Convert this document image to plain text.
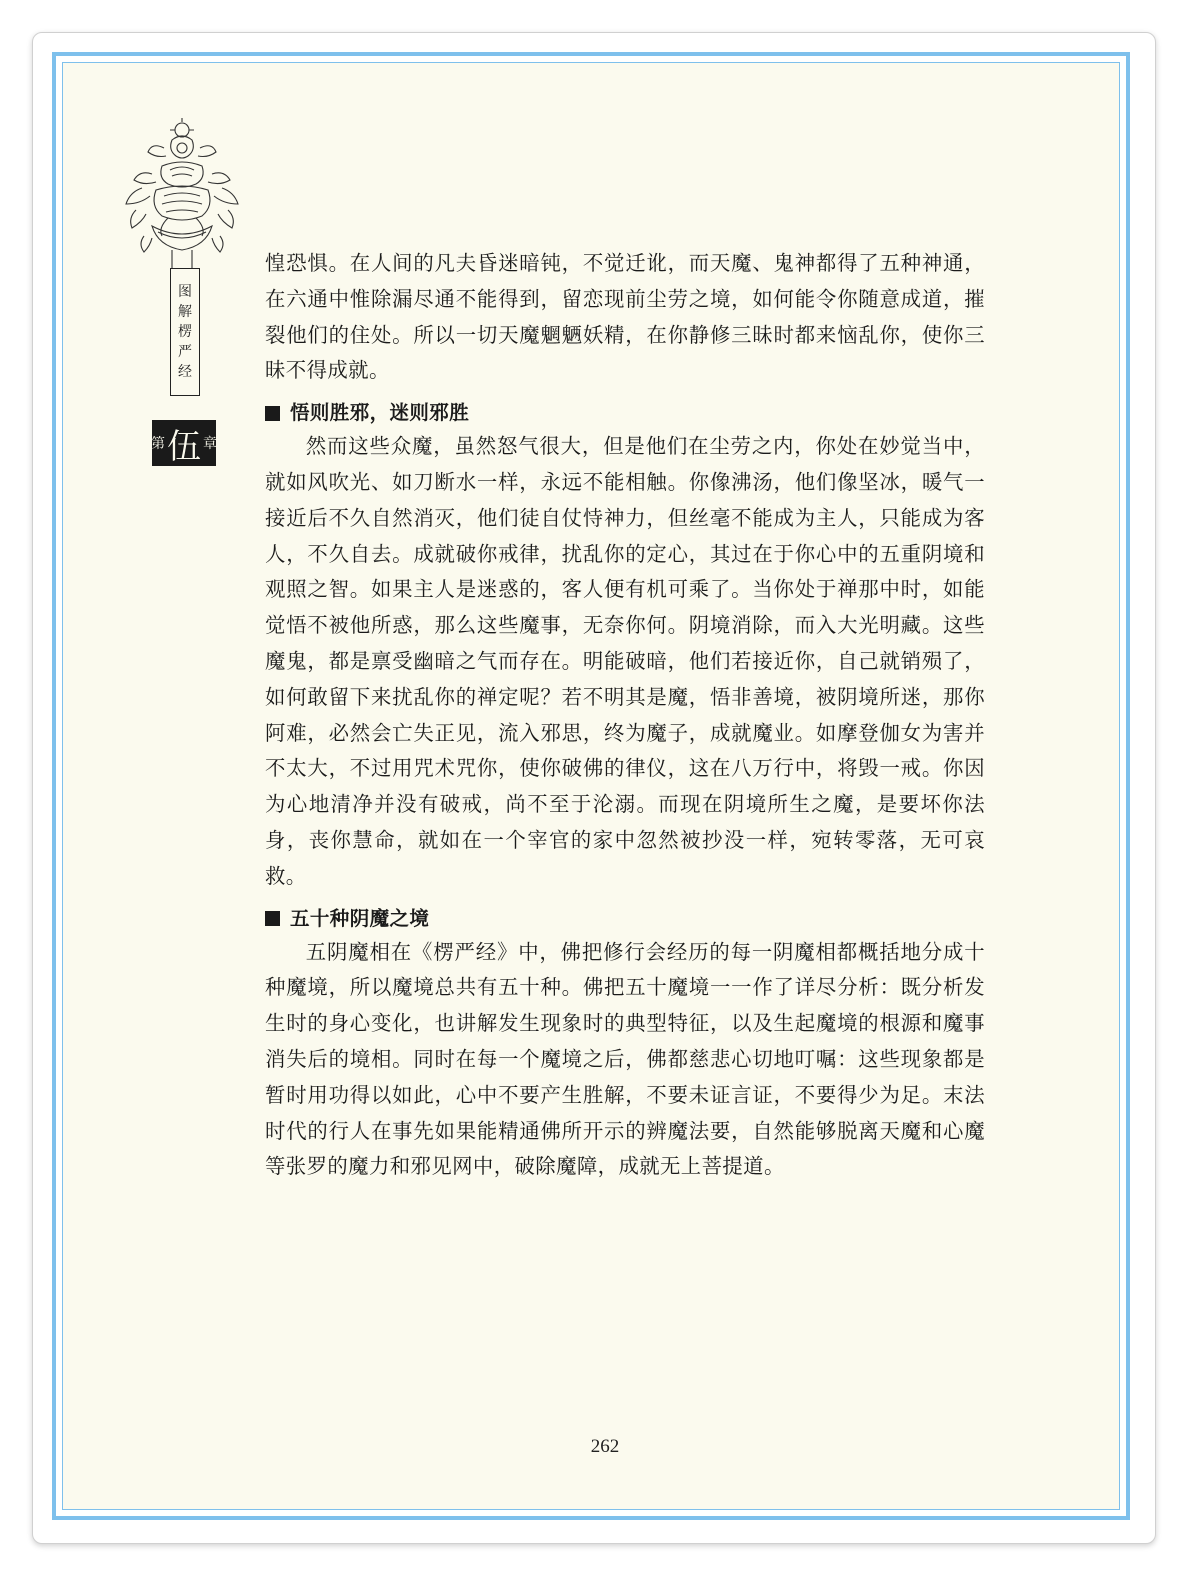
图
解
楞
严
经
第 伍 章

惶恐惧。在人间的凡夫昏迷暗钝，不觉迁讹，而天魔、鬼神都得了五种神通，在六通中惟除漏尽通不能得到，留恋现前尘劳之境，如何能令你随意成道，摧裂他们的住处。所以一切天魔魍魉妖精，在你静修三昧时都来恼乱你，使你三昧不得成就。

悟则胜邪，迷则邪胜

然而这些众魔，虽然怒气很大，但是他们在尘劳之内，你处在妙觉当中，就如风吹光、如刀断水一样，永远不能相触。你像沸汤，他们像坚冰，暖气一接近后不久自然消灭，他们徒自仗恃神力，但丝毫不能成为主人，只能成为客人，不久自去。成就破你戒律，扰乱你的定心，其过在于你心中的五重阴境和观照之智。如果主人是迷惑的，客人便有机可乘了。当你处于禅那中时，如能觉悟不被他所惑，那么这些魔事，无奈你何。阴境消除，而入大光明藏。这些魔鬼，都是禀受幽暗之气而存在。明能破暗，他们若接近你，自己就销殒了，如何敢留下来扰乱你的禅定呢？若不明其是魔，悟非善境，被阴境所迷，那你阿难，必然会亡失正见，流入邪思，终为魔子，成就魔业。如摩登伽女为害并不太大，不过用咒术咒你，使你破佛的律仪，这在八万行中，将毁一戒。你因为心地清净并没有破戒，尚不至于沦溺。而现在阴境所生之魔，是要坏你法身，丧你慧命，就如在一个宰官的家中忽然被抄没一样，宛转零落，无可哀救。

五十种阴魔之境

五阴魔相在《楞严经》中，佛把修行会经历的每一阴魔相都概括地分成十种魔境，所以魔境总共有五十种。佛把五十魔境一一作了详尽分析：既分析发生时的身心变化，也讲解发生现象时的典型特征，以及生起魔境的根源和魔事消失后的境相。同时在每一个魔境之后，佛都慈悲心切地叮嘱：这些现象都是暂时用功得以如此，心中不要产生胜解，不要未证言证，不要得少为足。末法时代的行人在事先如果能精通佛所开示的辨魔法要，自然能够脱离天魔和心魔等张罗的魔力和邪见网中，破除魔障，成就无上菩提道。

262
